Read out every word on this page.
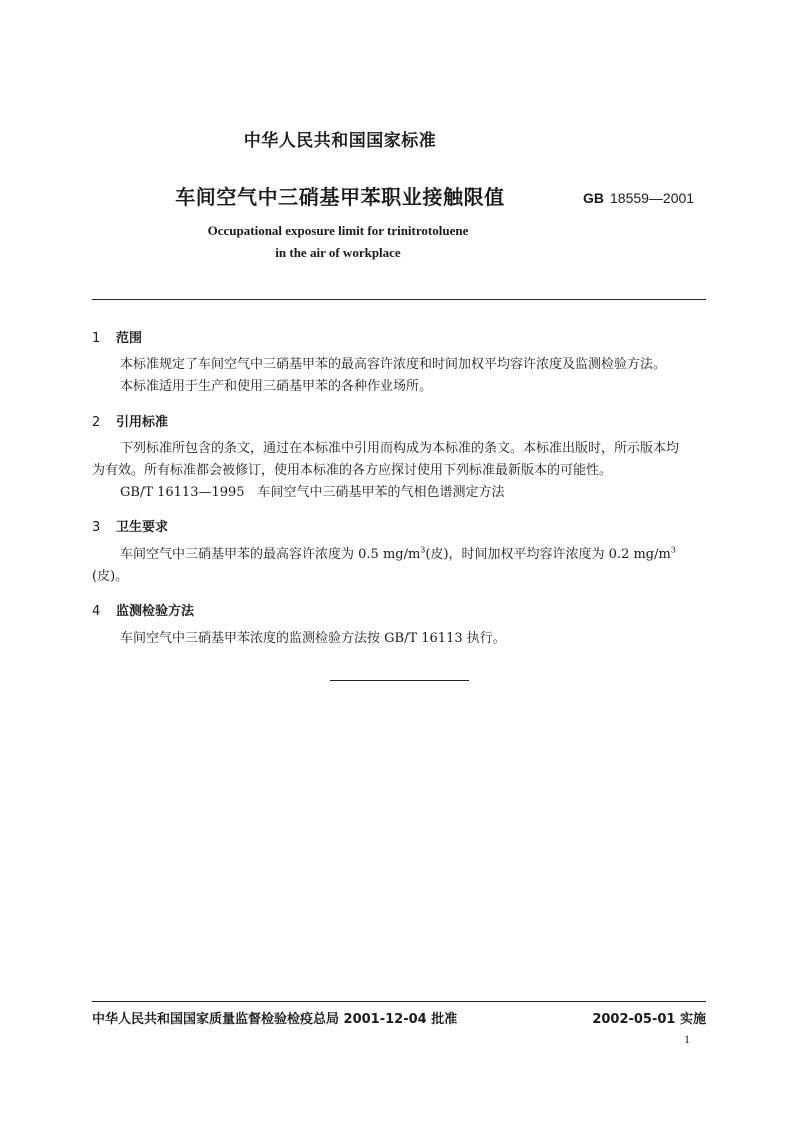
中华人民共和国国家标准
车间空气中三硝基甲苯职业接触限值	GB 18559—2001
Occupational exposure limit for trinitrotoluene
in the air of workplace
1 范围
本标准规定了车间空气中三硝基甲苯的最高容许浓度和时间加权平均容许浓度及监测检验方法。
本标准适用于生产和使用三硝基甲苯的各种作业场所。
2 引用标准
下列标准所包含的条文，通过在本标准中引用而构成为本标准的条文。本标准出版时，所示版本均
为有效。所有标准都会被修订，使用本标准的各方应探讨使用下列标准最新版本的可能性。
GB/T 16113—1995　车间空气中三硝基甲苯的气相色谱测定方法
3 卫生要求
车间空气中三硝基甲苯的最高容许浓度为 0.5 $mg/m^3$(皮)，时间加权平均容许浓度为 0.2 $mg/m^3$
(皮)。
4 监测检验方法
车间空气中三硝基甲苯浓度的监测检验方法按 GB/T 16113 执行。
中华人民共和国国家质量监督检验检疫总局 2001-12-04 批准	2002-05-01 实施
1
